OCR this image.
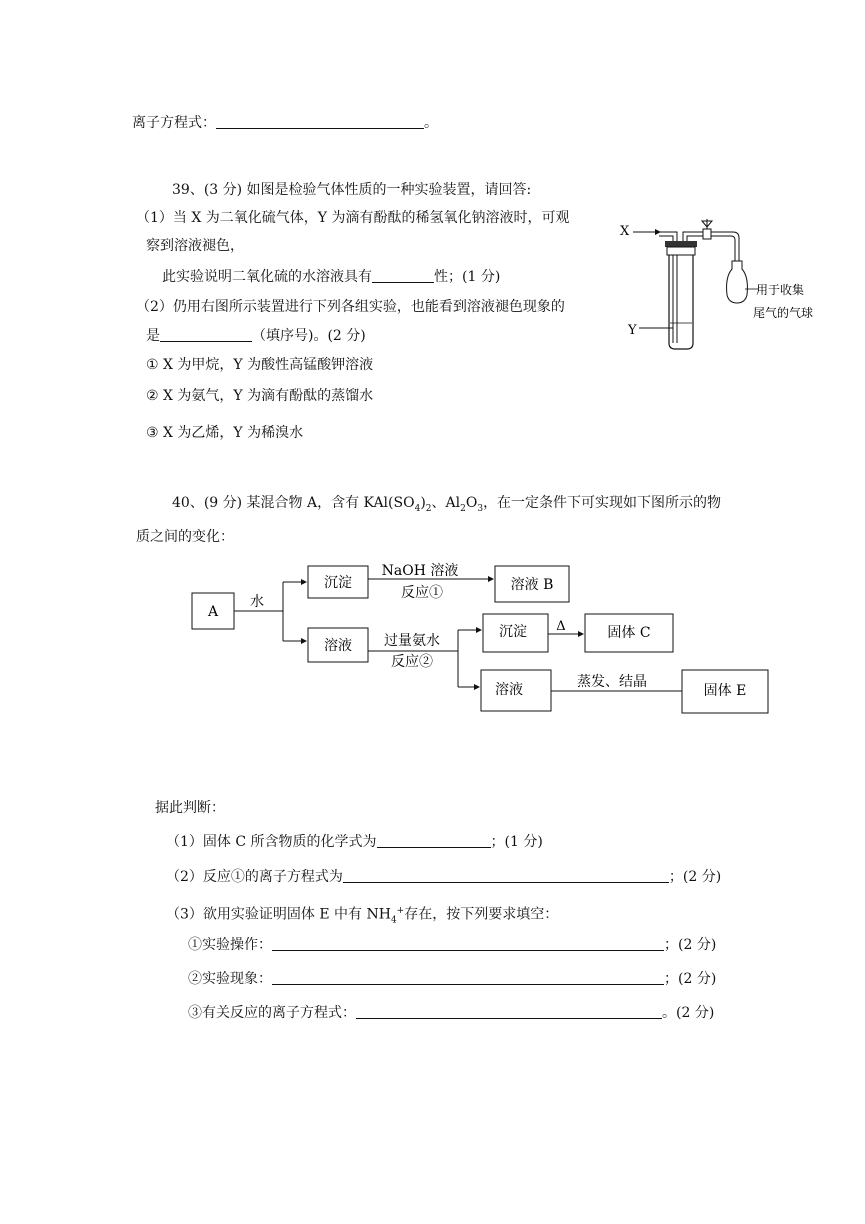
离子方程式：	。
39、(3 分) 如图是检验气体性质的一种实验装置，请回答:
（1）当 X 为二氧化硫气体，Y 为滴有酚酞的稀氢氧化钠溶液时，可观
察到溶液褪色，
此实验说明二氧化硫的水溶液具有	性；(1 分)
（2）仍用右图所示装置进行下列各组实验，也能看到溶液褪色现象的
是	（填序号)。(2 分)
① X 为甲烷，Y 为酸性高锰酸钾溶液
② X 为氨气，Y 为滴有酚酞的蒸馏水
③ X 为乙烯，Y 为稀溴水
X
Y
用于收集
尾气的气球
40、(9 分) 某混合物 A，含有 $KAl(SO_4)_2$、$Al_2O_3$，在一定条件下可实现如下图所示的物
质之间的变化：
A
水
沉淀
NaOH 溶液
反应①	溶液 B
溶液 过量氨水
反应②
沉淀 Δ	固体 C
溶液	蒸发、结晶
固体 E
据此判断：
（1）固体 C 所含物质的化学式为	；(1 分)
（2）反应①的离子方程式为	；(2 分)
（3）欲用实验证明固体 E 中有 $NH_4^+$存在，按下列要求填空：
①实验操作：	；(2 分)
②实验现象：	；(2 分)
③有关反应的离子方程式：	。(2 分)
